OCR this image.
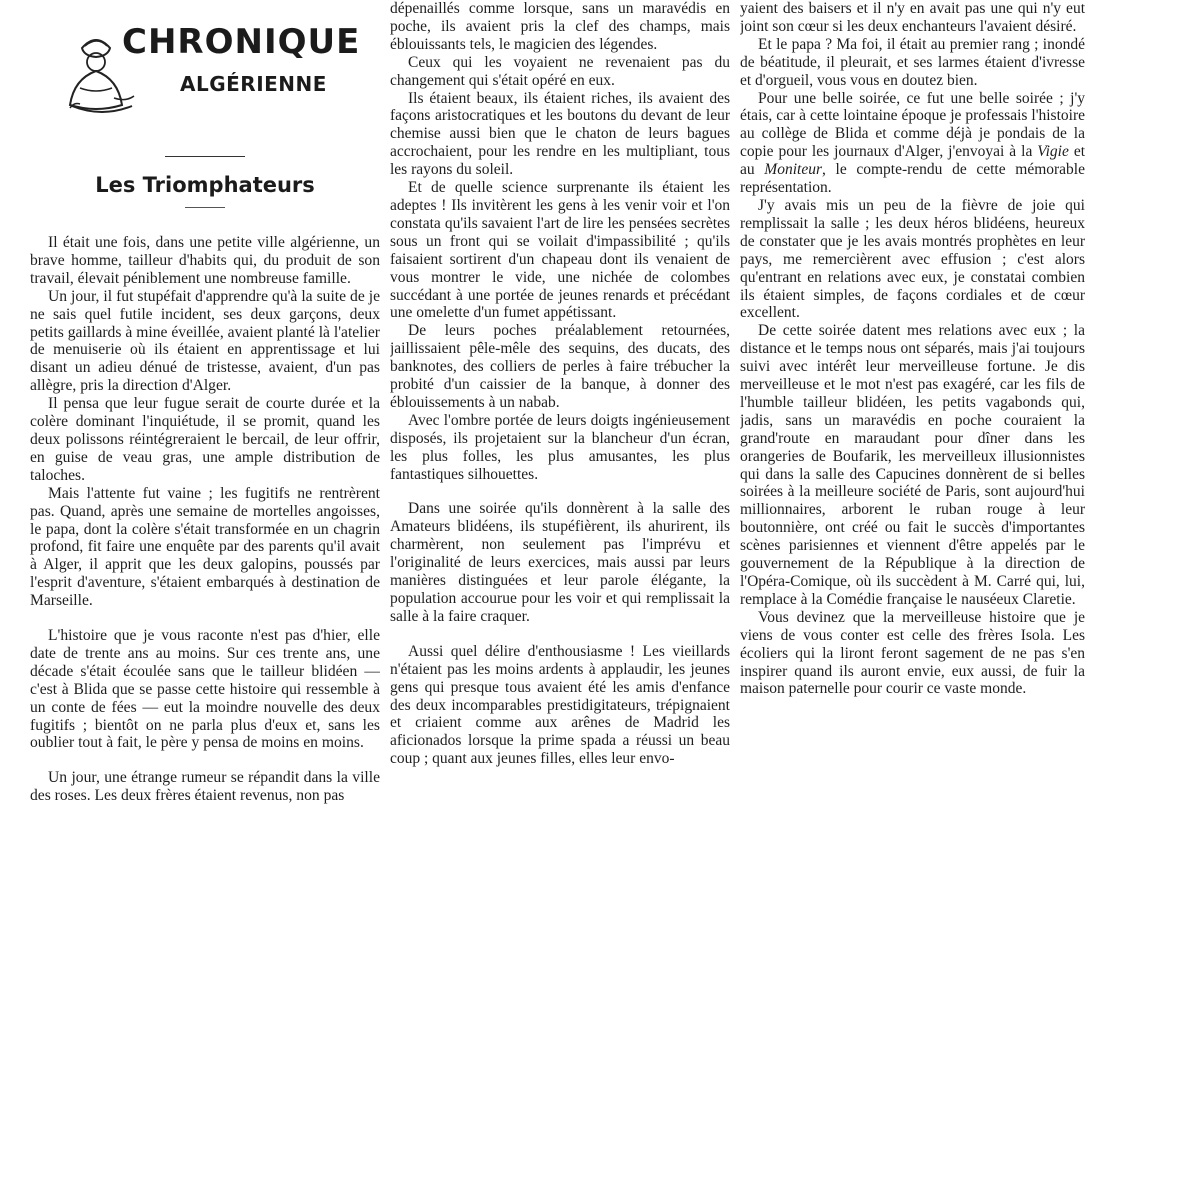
CHRONIQUE
ALGÉRIENNE
Les Triomphateurs

Il était une fois, dans une petite ville algérienne, un brave homme, tailleur d'habits qui, du produit de son travail, élevait péniblement une nombreuse famille.

Un jour, il fut stupéfait d'apprendre qu'à la suite de je ne sais quel futile incident, ses deux garçons, deux petits gaillards à mine éveillée, avaient planté là l'atelier de menuiserie où ils étaient en apprentissage et lui disant un adieu dénué de tristesse, avaient, d'un pas allègre, pris la direction d'Alger.

Il pensa que leur fugue serait de courte durée et la colère dominant l'inquiétude, il se promit, quand les deux polissons réintégreraient le bercail, de leur offrir, en guise de veau gras, une ample distribution de taloches.

Mais l'attente fut vaine ; les fugitifs ne rentrèrent pas. Quand, après une semaine de mortelles angoisses, le papa, dont la colère s'était transformée en un chagrin profond, fit faire une enquête par des parents qu'il avait à Alger, il apprit que les deux galopins, poussés par l'esprit d'aventure, s'étaient embarqués à destination de Marseille.

L'histoire que je vous raconte n'est pas d'hier, elle date de trente ans au moins. Sur ces trente ans, une décade s'était écoulée sans que le tailleur blidéen — c'est à Blida que se passe cette histoire qui ressemble à un conte de fées — eut la moindre nouvelle des deux fugitifs ; bientôt on ne parla plus d'eux et, sans les oublier tout à fait, le père y pensa de moins en moins.

Un jour, une étrange rumeur se répandit dans la ville des roses. Les deux frères étaient revenus, non pas

dépenaillés comme lorsque, sans un maravédis en poche, ils avaient pris la clef des champs, mais éblouissants tels, le magicien des légendes.

Ceux qui les voyaient ne revenaient pas du changement qui s'était opéré en eux.

Ils étaient beaux, ils étaient riches, ils avaient des façons aristocratiques et les boutons du devant de leur chemise aussi bien que le chaton de leurs bagues accrochaient, pour les rendre en les multipliant, tous les rayons du soleil.

Et de quelle science surprenante ils étaient les adeptes ! Ils invitèrent les gens à les venir voir et l'on constata qu'ils savaient l'art de lire les pensées secrètes sous un front qui se voilait d'impassibilité ; qu'ils faisaient sortirent d'un chapeau dont ils venaient de vous montrer le vide, une nichée de colombes succédant à une portée de jeunes renards et précédant une omelette d'un fumet appétissant.

De leurs poches préalablement retournées, jaillissaient pêle-mêle des sequins, des ducats, des banknotes, des colliers de perles à faire trébucher la probité d'un caissier de la banque, à donner des éblouissements à un nabab.

Avec l'ombre portée de leurs doigts ingénieusement disposés, ils projetaient sur la blancheur d'un écran, les plus folles, les plus amusantes, les plus fantastiques silhouettes.

Dans une soirée qu'ils donnèrent à la salle des Amateurs blidéens, ils stupéfièrent, ils ahurirent, ils charmèrent, non seulement pas l'imprévu et l'originalité de leurs exercices, mais aussi par leurs manières distinguées et leur parole élégante, la population accourue pour les voir et qui remplissait la salle à la faire craquer.

Aussi quel délire d'enthousiasme ! Les vieillards n'étaient pas les moins ardents à applaudir, les jeunes gens qui presque tous avaient été les amis d'enfance des deux incomparables prestidigitateurs, trépignaient et criaient comme aux arênes de Madrid les aficionados lorsque la prime spada a réussi un beau coup ; quant aux jeunes filles, elles leur envo-

yaient des baisers et il n'y en avait pas une qui n'y eut joint son cœur si les deux enchanteurs l'avaient désiré.

Et le papa ? Ma foi, il était au premier rang ; inondé de béatitude, il pleurait, et ses larmes étaient d'ivresse et d'orgueil, vous vous en doutez bien.

Pour une belle soirée, ce fut une belle soirée ; j'y étais, car à cette lointaine époque je professais l'histoire au collège de Blida et comme déjà je pondais de la copie pour les journaux d'Alger, j'envoyai à la Vigie et au Moniteur, le compte-rendu de cette mémorable représentation.

J'y avais mis un peu de la fièvre de joie qui remplissait la salle ; les deux héros blidéens, heureux de constater que je les avais montrés prophètes en leur pays, me remercièrent avec effusion ; c'est alors qu'entrant en relations avec eux, je constatai combien ils étaient simples, de façons cordiales et de cœur excellent.

De cette soirée datent mes relations avec eux ; la distance et le temps nous ont séparés, mais j'ai toujours suivi avec intérêt leur merveilleuse fortune. Je dis merveilleuse et le mot n'est pas exagéré, car les fils de l'humble tailleur blidéen, les petits vagabonds qui, jadis, sans un maravédis en poche couraient la grand'route en maraudant pour dîner dans les orangeries de Boufarik, les merveilleux illusionnistes qui dans la salle des Capucines donnèrent de si belles soirées à la meilleure société de Paris, sont aujourd'hui millionnaires, arborent le ruban rouge à leur boutonnière, ont créé ou fait le succès d'importantes scènes parisiennes et viennent d'être appelés par le gouvernement de la République à la direction de l'Opéra-Comique, où ils succèdent à M. Carré qui, lui, remplace à la Comédie française le nauséeux Claretie.

Vous devinez que la merveilleuse histoire que je viens de vous conter est celle des frères Isola. Les écoliers qui la liront feront sagement de ne pas s'en inspirer quand ils auront envie, eux aussi, de fuir la maison paternelle pour courir ce vaste monde.
